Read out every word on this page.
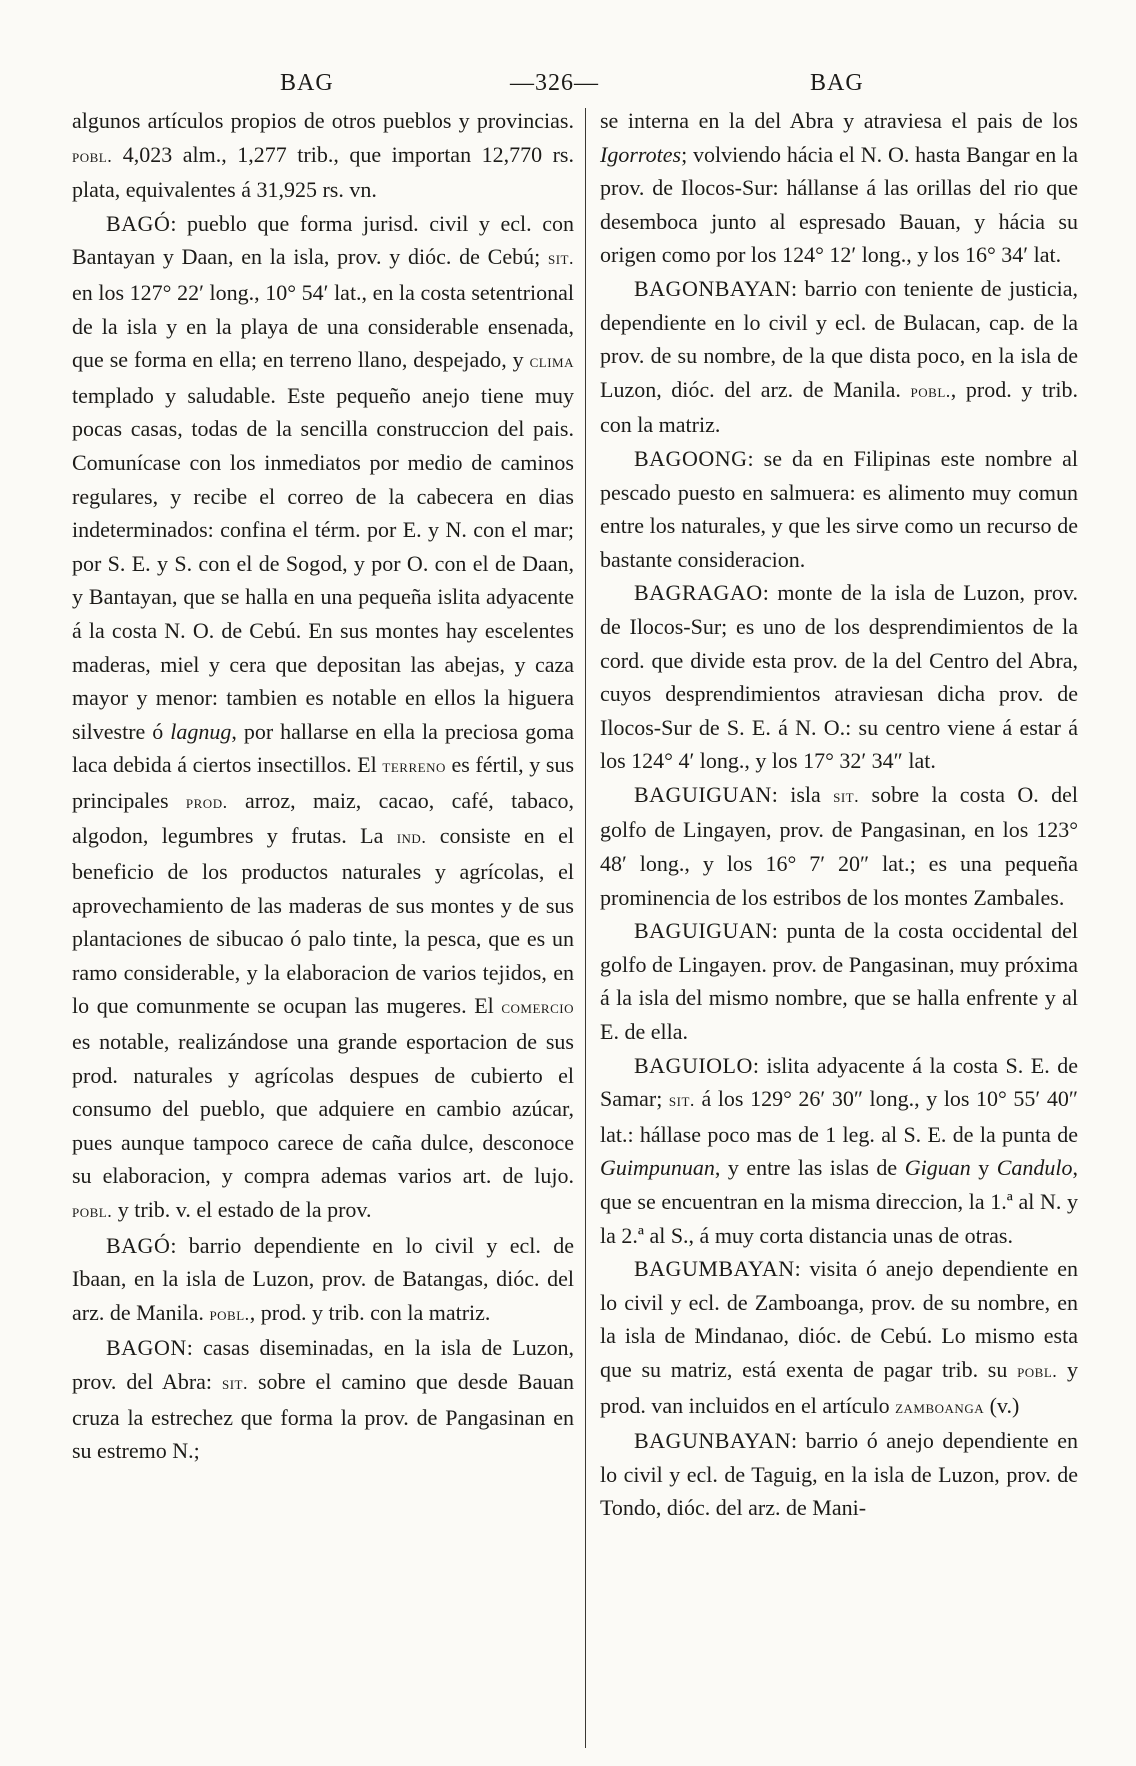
BAG	—326—	BAG

algunos artículos propios de otros pueblos y provincias. pobl. 4,023 alm., 1,277 trib., que importan 12,770 rs. plata, equivalentes á 31,925 rs. vn.

BAGÓ: pueblo que forma jurisd. civil y ecl. con Bantayan y Daan, en la isla, prov. y dióc. de Cebú; sit. en los 127° 22′ long., 10° 54′ lat., en la costa setentrional de la isla y en la playa de una considerable ensenada, que se forma en ella; en terreno llano, despejado, y clima templado y saludable. Este pequeño anejo tiene muy pocas casas, todas de la sencilla construccion del pais. Comunícase con los inmediatos por medio de caminos regulares, y recibe el correo de la cabecera en dias indeterminados: confina el térm. por E. y N. con el mar; por S. E. y S. con el de Sogod, y por O. con el de Daan, y Bantayan, que se halla en una pequeña islita adyacente á la costa N. O. de Cebú. En sus montes hay escelentes maderas, miel y cera que depositan las abejas, y caza mayor y menor: tambien es notable en ellos la higuera silvestre ó lagnug, por hallarse en ella la preciosa goma laca debida á ciertos insectillos. El terreno es fértil, y sus principales prod. arroz, maiz, cacao, café, tabaco, algodon, legumbres y frutas. La ind. consiste en el beneficio de los productos naturales y agrícolas, el aprovechamiento de las maderas de sus montes y de sus plantaciones de sibucao ó palo tinte, la pesca, que es un ramo considerable, y la elaboracion de varios tejidos, en lo que comunmente se ocupan las mugeres. El comercio es notable, realizándose una grande esportacion de sus prod. naturales y agrícolas despues de cubierto el consumo del pueblo, que adquiere en cambio azúcar, pues aunque tampoco carece de caña dulce, desconoce su elaboracion, y compra ademas varios art. de lujo. pobl. y trib. v. el estado de la prov.

BAGÓ: barrio dependiente en lo civil y ecl. de Ibaan, en la isla de Luzon, prov. de Batangas, dióc. del arz. de Manila. pobl., prod. y trib. con la matriz.

BAGON: casas diseminadas, en la isla de Luzon, prov. del Abra: sit. sobre el camino que desde Bauan cruza la estrechez que forma la prov. de Pangasinan en su estremo N.;

se interna en la del Abra y atraviesa el pais de los Igorrotes; volviendo hácia el N. O. hasta Bangar en la prov. de Ilocos-Sur: hállanse á las orillas del rio que desemboca junto al espresado Bauan, y hácia su origen como por los 124° 12′ long., y los 16° 34′ lat.

BAGONBAYAN: barrio con teniente de justicia, dependiente en lo civil y ecl. de Bulacan, cap. de la prov. de su nombre, de la que dista poco, en la isla de Luzon, dióc. del arz. de Manila. pobl., prod. y trib. con la matriz.

BAGOONG: se da en Filipinas este nombre al pescado puesto en salmuera: es alimento muy comun entre los naturales, y que les sirve como un recurso de bastante consideracion.

BAGRAGAO: monte de la isla de Luzon, prov. de Ilocos-Sur; es uno de los desprendimientos de la cord. que divide esta prov. de la del Centro del Abra, cuyos desprendimientos atraviesan dicha prov. de Ilocos-Sur de S. E. á N. O.: su centro viene á estar á los 124° 4′ long., y los 17° 32′ 34″ lat.

BAGUIGUAN: isla sit. sobre la costa O. del golfo de Lingayen, prov. de Pangasinan, en los 123° 48′ long., y los 16° 7′ 20″ lat.; es una pequeña prominencia de los estribos de los montes Zambales.

BAGUIGUAN: punta de la costa occidental del golfo de Lingayen. prov. de Pangasinan, muy próxima á la isla del mismo nombre, que se halla enfrente y al E. de ella.

BAGUIOLO: islita adyacente á la costa S. E. de Samar; sit. á los 129° 26′ 30″ long., y los 10° 55′ 40″ lat.: hállase poco mas de 1 leg. al S. E. de la punta de Guimpunuan, y entre las islas de Giguan y Candulo, que se encuentran en la misma direccion, la 1.ª al N. y la 2.ª al S., á muy corta distancia unas de otras.

BAGUMBAYAN: visita ó anejo dependiente en lo civil y ecl. de Zamboanga, prov. de su nombre, en la isla de Mindanao, dióc. de Cebú. Lo mismo esta que su matriz, está exenta de pagar trib. su pobl. y prod. van incluidos en el artículo zamboanga (v.)

BAGUNBAYAN: barrio ó anejo dependiente en lo civil y ecl. de Taguig, en la isla de Luzon, prov. de Tondo, dióc. del arz. de Mani-
